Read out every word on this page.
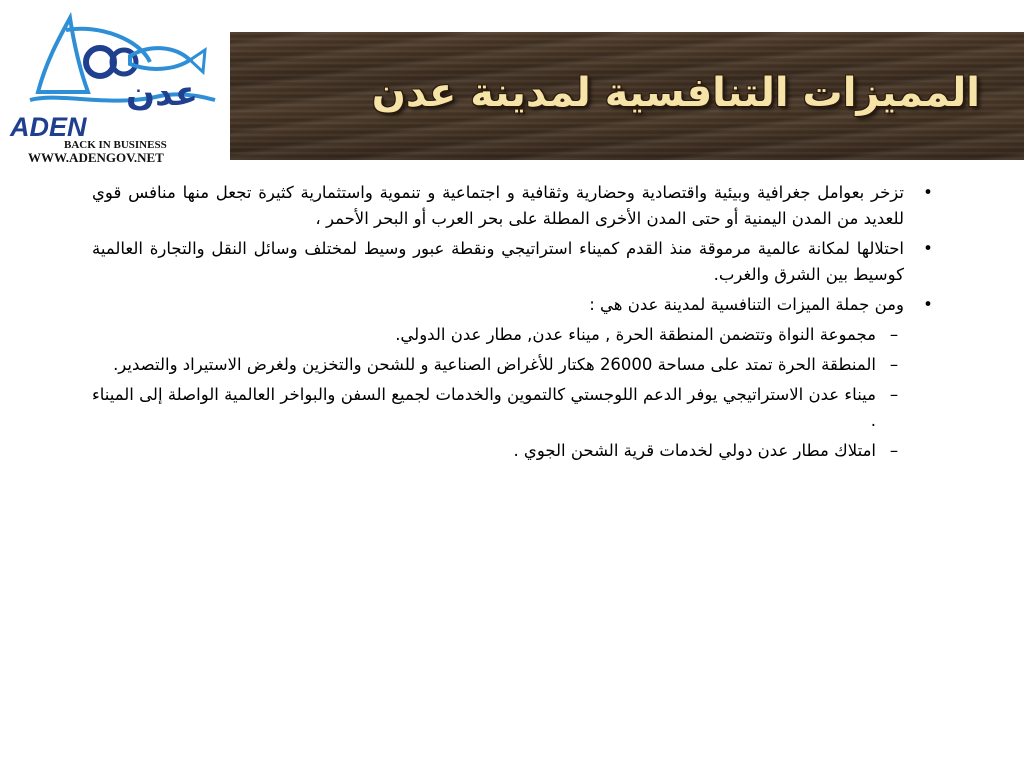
عدن
ADEN
BACK IN BUSINESS
WWW.ADENGOV.NET
المميزات التنافسية لمدينة عدن
•
تزخر بعوامل جغرافية وبيئية واقتصادية وحضارية وثقافية و اجتماعية و تنموية واستثمارية كثيرة تجعل منها منافس قوي للعديد من المدن اليمنية أو حتى المدن الأخرى المطلة على بحر العرب أو البحر الأحمر ،
•
احتلالها لمكانة عالمية مرموقة منذ القدم كميناء استراتيجي ونقطة عبور وسيط لمختلف وسائل النقل والتجارة العالمية كوسيط بين الشرق والغرب.
•
ومن جملة الميزات التنافسية لمدينة عدن هي :
–
مجموعة النواة وتتضمن المنطقة الحرة , ميناء عدن, مطار عدن الدولي.
–
المنطقة الحرة تمتد على مساحة 26000 هكتار للأغراض الصناعية و للشحن والتخزين ولغرض الاستيراد والتصدير.
–
ميناء عدن الاستراتيجي يوفر الدعم اللوجستي كالتموين والخدمات لجميع السفن والبواخر العالمية الواصلة إلى الميناء .
–
امتلاك مطار عدن دولي لخدمات قرية الشحن الجوي .
